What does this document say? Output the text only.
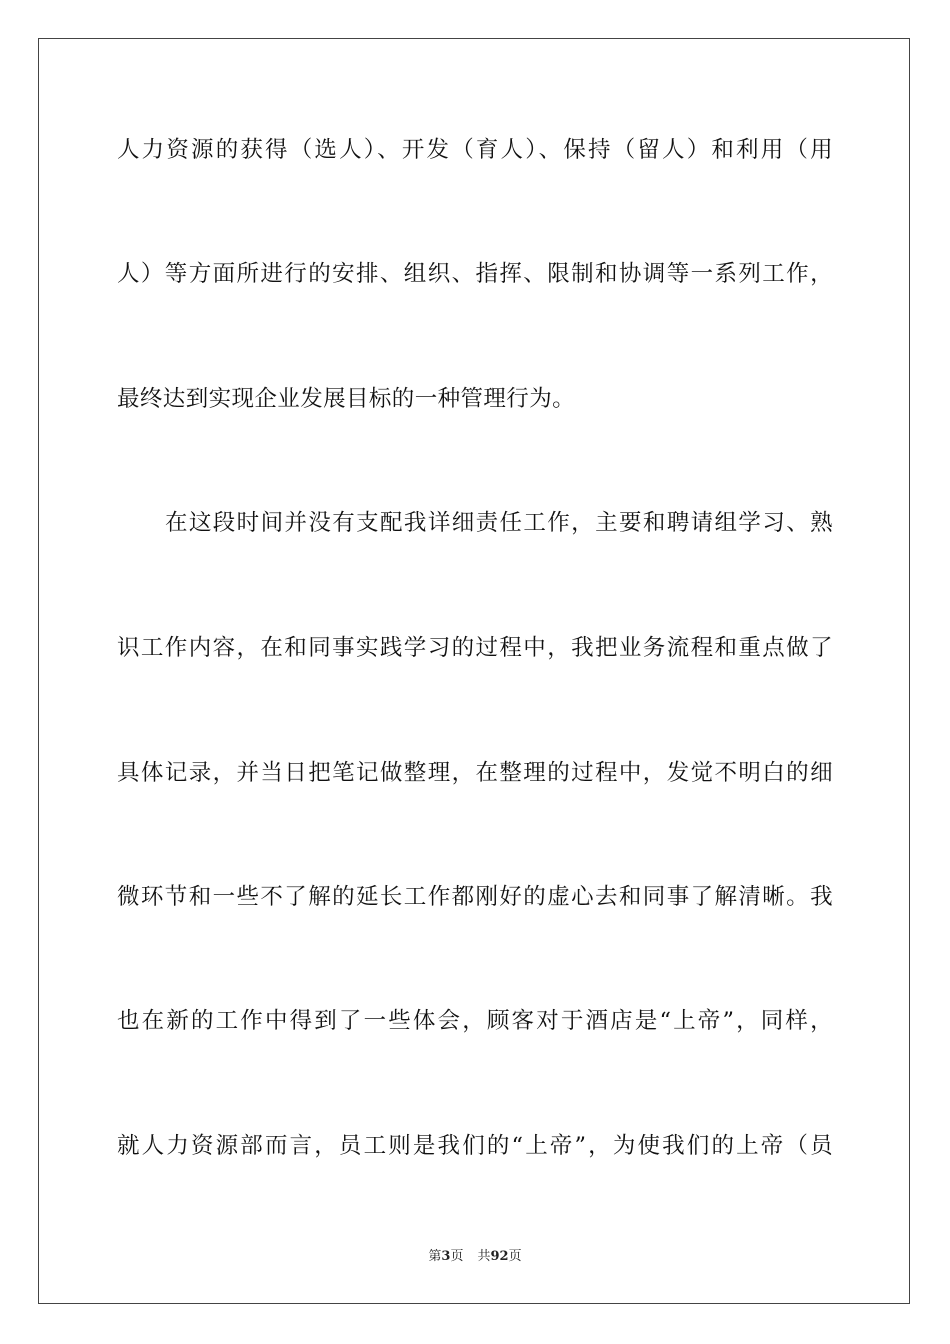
人力资源的获得（选人）、开发（育人）、保持（留人）和利用（用
人）等方面所进行的安排、组织、指挥、限制和协调等一系列工作，
最终达到实现企业发展目标的一种管理行为。
在这段时间并没有支配我详细责任工作，主要和聘请组学习、熟
识工作内容，在和同事实践学习的过程中，我把业务流程和重点做了
具体记录，并当日把笔记做整理，在整理的过程中，发觉不明白的细
微环节和一些不了解的延长工作都刚好的虚心去和同事了解清晰。我
也在新的工作中得到了一些体会，顾客对于酒店是“上帝”，同样，
就人力资源部而言，员工则是我们的“上帝”，为使我们的上帝（员
第3页 共92页
